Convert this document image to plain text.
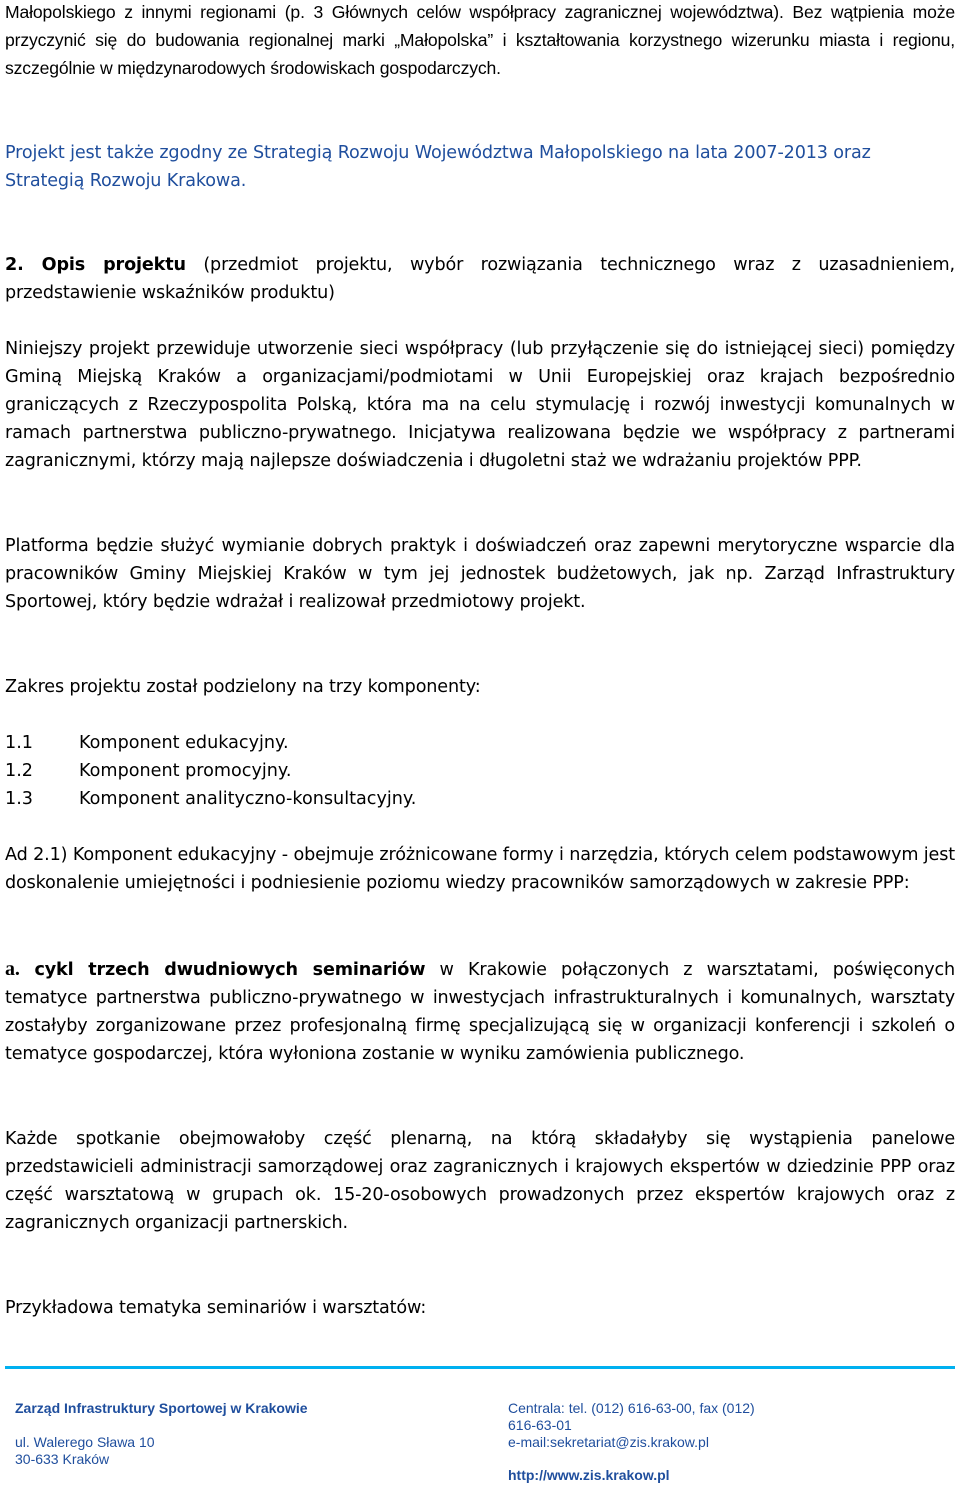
Małopolskiego z innymi regionami (p. 3 Głównych celów współpracy zagranicznej województwa). Bez wątpienia może przyczynić się do budowania regionalnej marki „Małopolska” i kształtowania korzystnego wizerunku miasta i regionu, szczególnie w międzynarodowych środowiskach gospodarczych.

Projekt jest także zgodny ze Strategią Rozwoju Województwa Małopolskiego na lata 2007-2013 oraz Strategią Rozwoju Krakowa.

2. Opis projektu (przedmiot projektu, wybór rozwiązania technicznego wraz z uzasadnieniem, przedstawienie wskaźników produktu)

Niniejszy projekt przewiduje utworzenie sieci współpracy (lub przyłączenie się do istniejącej sieci) pomiędzy Gminą Miejską Kraków a organizacjami/podmiotami w Unii Europejskiej oraz krajach bezpośrednio graniczących z Rzeczypospolita Polską, która ma na celu stymulację i rozwój inwestycji komunalnych w ramach partnerstwa publiczno-prywatnego. Inicjatywa realizowana będzie we współpracy z partnerami zagranicznymi, którzy mają najlepsze doświadczenia i długoletni staż we wdrażaniu projektów PPP.

Platforma będzie służyć wymianie dobrych praktyk i doświadczeń oraz zapewni merytoryczne wsparcie dla pracowników Gminy Miejskiej Kraków w tym jej jednostek budżetowych, jak np. Zarząd Infrastruktury Sportowej, który będzie wdrażał i realizował przedmiotowy projekt.

Zakres projektu został podzielony na trzy komponenty:

1.1	Komponent edukacyjny.
1.2	Komponent promocyjny.
1.3	Komponent analityczno-konsultacyjny.

Ad 2.1) Komponent edukacyjny - obejmuje zróżnicowane formy i narzędzia, których celem podstawowym jest doskonalenie umiejętności i podniesienie poziomu wiedzy pracowników samorządowych w zakresie PPP:

a. cykl trzech dwudniowych seminariów w Krakowie połączonych z warsztatami, poświęconych tematyce partnerstwa publiczno-prywatnego w inwestycjach infrastrukturalnych i komunalnych, warsztaty zostałyby zorganizowane przez profesjonalną firmę specjalizującą się w organizacji konferencji i szkoleń o tematyce gospodarczej, która wyłoniona zostanie w wyniku zamówienia publicznego.

Każde spotkanie obejmowałoby część plenarną, na którą składałyby się wystąpienia panelowe przedstawicieli administracji samorządowej oraz zagranicznych i krajowych ekspertów w dziedzinie PPP oraz część warsztatową w grupach ok. 15-20-osobowych prowadzonych przez ekspertów krajowych oraz z zagranicznych organizacji partnerskich.

Przykładowa tematyka seminariów i warsztatów:

Zarząd Infrastruktury Sportowej w Krakowie
ul. Walerego Sława 10
30-633 Kraków
Centrala: tel. (012) 616-63-00, fax (012)
616-63-01
e-mail:sekretariat@zis.krakow.pl
http://www.zis.krakow.pl
